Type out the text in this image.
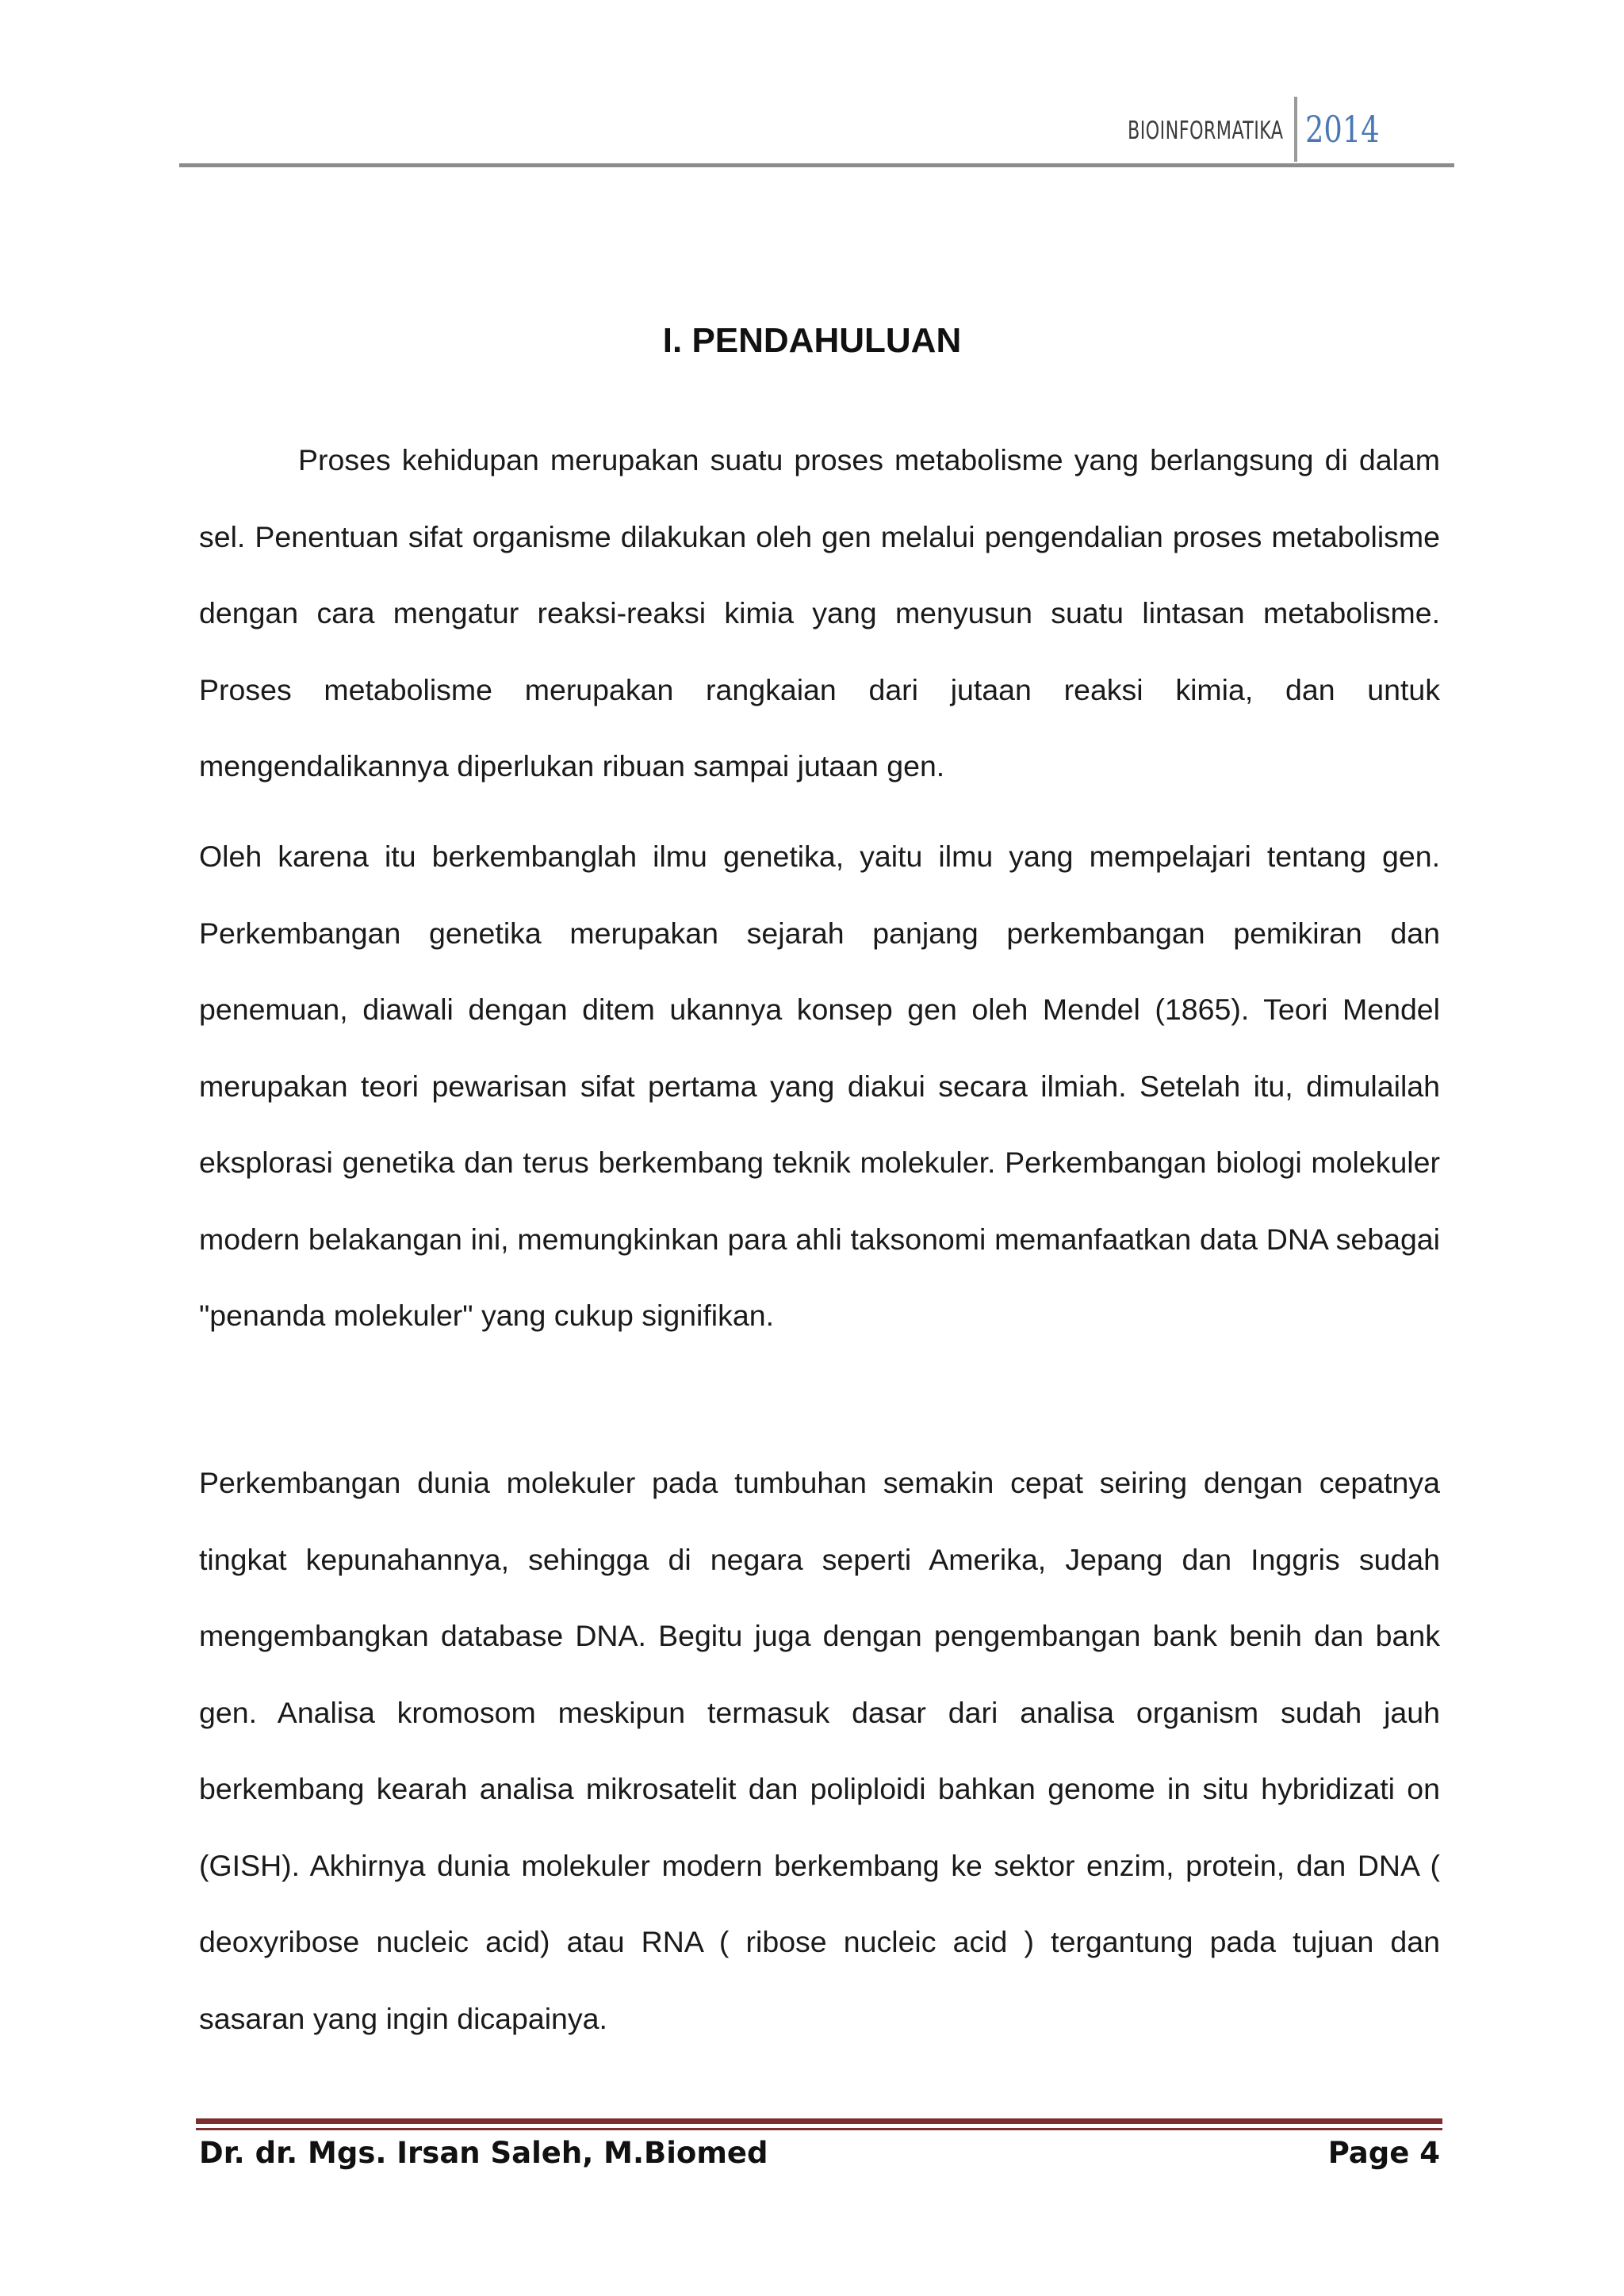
BIOINFORMATIKA 2014
I. PENDAHULUAN

Proses kehidupan merupakan suatu proses metabolisme yang berlangsung di dalam sel. Penentuan sifat organisme dilakukan oleh gen melalui pengendalian proses metabolisme dengan cara mengatur reaksi-reaksi kimia yang menyusun suatu lintasan metabolisme. Proses metabolisme merupakan rangkaian dari jutaan reaksi kimia, dan untuk mengendalikannya diperlukan ribuan sampai jutaan gen.

Oleh karena itu berkembanglah ilmu genetika, yaitu ilmu yang mempelajari tentang gen. Perkembangan genetika merupakan sejarah panjang perkembangan pemikiran dan penemuan, diawali dengan ditem ukannya konsep gen oleh Mendel (1865). Teori Mendel merupakan teori pewarisan sifat pertama yang diakui secara ilmiah. Setelah itu, dimulailah eksplorasi genetika dan terus berkembang teknik molekuler. Perkembangan biologi molekuler modern belakangan ini, memungkinkan para ahli taksonomi memanfaatkan data DNA sebagai "penanda molekuler" yang cukup signifikan.

Perkembangan dunia molekuler pada tumbuhan semakin cepat seiring dengan cepatnya tingkat kepunahannya, sehingga di negara seperti Amerika, Jepang dan Inggris sudah mengembangkan database DNA. Begitu juga dengan pengembangan bank benih dan bank gen. Analisa kromosom meskipun termasuk dasar dari analisa organism sudah jauh berkembang kearah analisa mikrosatelit dan poliploidi bahkan genome in situ hybridizati on (GISH). Akhirnya dunia molekuler modern berkembang ke sektor enzim, protein, dan DNA ( deoxyribose nucleic acid) atau RNA ( ribose nucleic acid ) tergantung pada tujuan dan sasaran yang ingin dicapainya.

Dr. dr. Mgs. Irsan Saleh, M.Biomed	Page 4
